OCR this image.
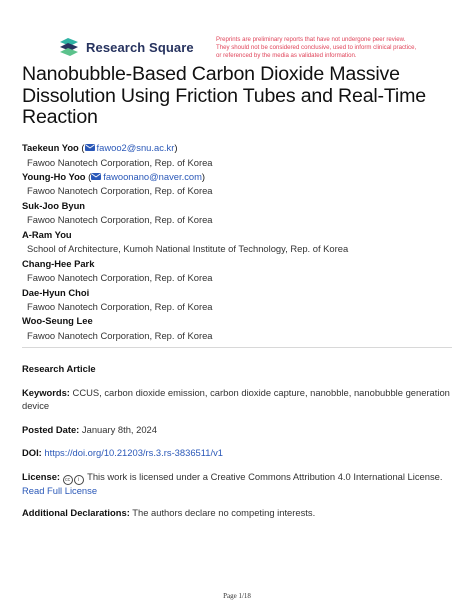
Research Square	Preprints are preliminary reports that have not undergone peer review.
They should not be considered conclusive, used to inform clinical practice,
or referenced by the media as validated information.
Nanobubble-Based Carbon Dioxide Massive Dissolution Using Friction Tubes and Real-Time Reaction
Taekeun Yoo ( fawoo2@snu.ac.kr)
Fawoo Nanotech Corporation, Rep. of Korea
Young-Ho Yoo ( fawoonano@naver.com)
Fawoo Nanotech Corporation, Rep. of Korea
Suk-Joo Byun
Fawoo Nanotech Corporation, Rep. of Korea
A-Ram You
School of Architecture, Kumoh National Institute of Technology, Rep. of Korea
Chang-Hee Park
Fawoo Nanotech Corporation, Rep. of Korea
Dae-Hyun Choi
Fawoo Nanotech Corporation, Rep. of Korea
Woo-Seung Lee
Fawoo Nanotech Corporation, Rep. of Korea
Research Article
Keywords: CCUS, carbon dioxide emission, carbon dioxide capture, nanobble, nanobubble generation device
Posted Date: January 8th, 2024
DOI: https://doi.org/10.21203/rs.3.rs-3836511/v1
License: cc i This work is licensed under a Creative Commons Attribution 4.0 International License.
Read Full License
Additional Declarations: The authors declare no competing interests.
Page 1/18
